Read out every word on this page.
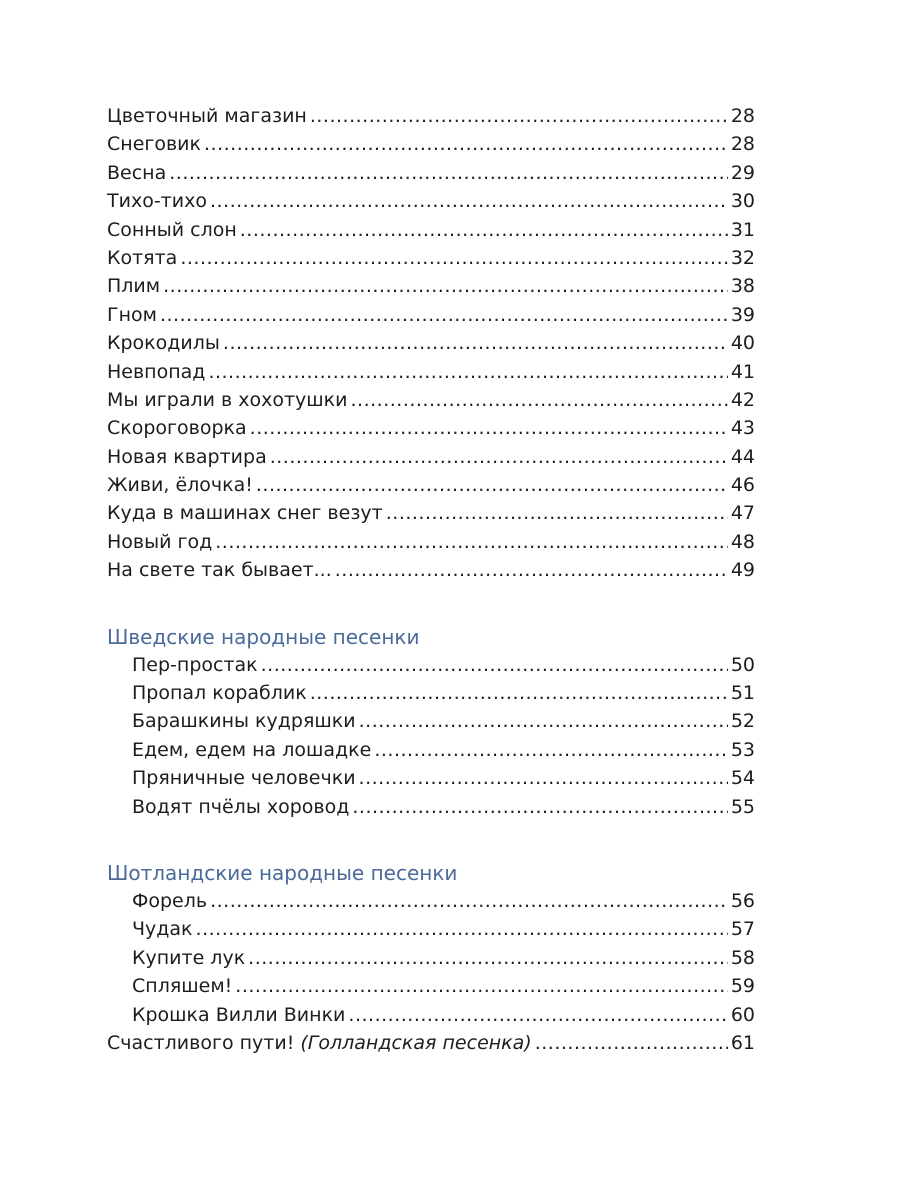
Цветочный магазин .....	28
Снеговик .....	28
Весна .....	29
Тихо-тихо .....	30
Сонный слон .....	31
Котята .....	32
Плим .....	38
Гном .....	39
Крокодилы .....	40
Невпопад .....	41
Мы играли в хохотушки .....	42
Скороговорка .....	43
Новая квартира .....	44
Живи, ёлочка! .....	46
Куда в машинах снег везут .....	47
Новый год .....	48
На свете так бывает... .....	49
Шведские народные песенки
Пер-простак .....	50
Пропал кораблик .....	51
Барашкины кудряшки .....	52
Едем, едем на лошадке .....	53
Пряничные человечки .....	54
Водят пчёлы хоровод .....	55
Шотландские народные песенки
Форель .....	56
Чудак .....	57
Купите лук .....	58
Спляшем! .....	59
Крошка Вилли Винки .....	60
Счастливого пути! (Голландская песенка) .....	61
